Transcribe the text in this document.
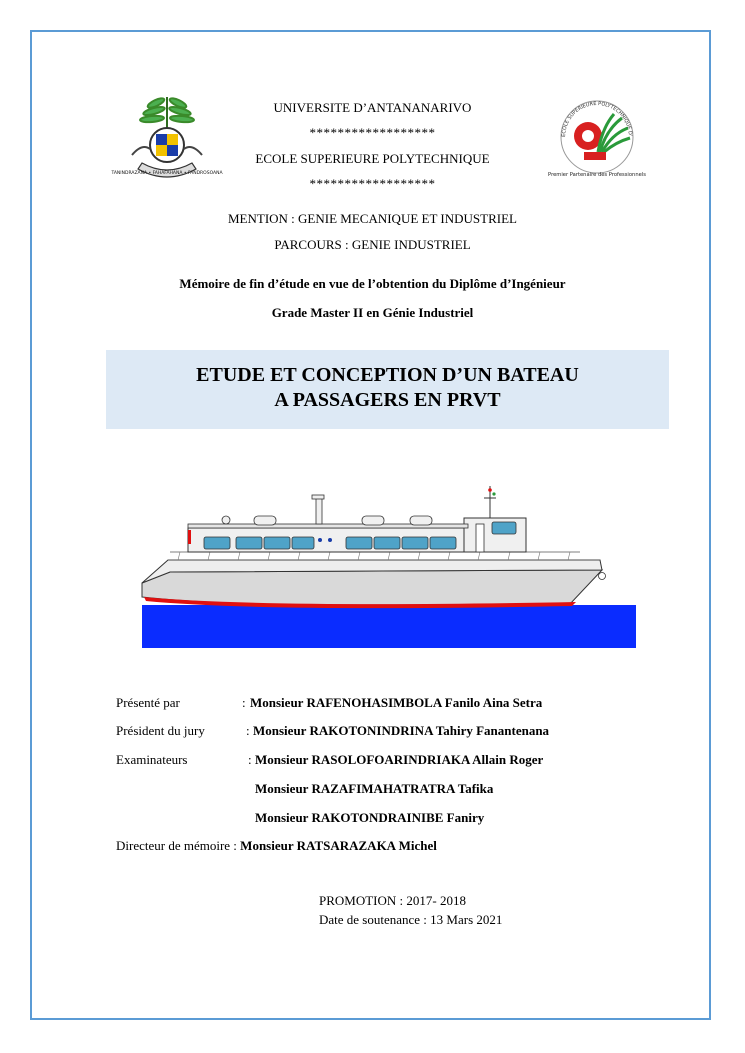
TANINDRAZANA • FAHAFAHANA • FANDROSOANA
ECOLE SUPERIEURE POLYTECHNIQUE D'
Premier Partenaire des Professionnels
UNIVERSITE D’ANTANANARIVO
******************
ECOLE SUPERIEURE POLYTECHNIQUE
******************
MENTION : GENIE MECANIQUE ET INDUSTRIEL
PARCOURS : GENIE INDUSTRIEL
Mémoire de fin d’étude en vue de l’obtention du Diplôme d’Ingénieur
Grade Master II en Génie Industriel
ETUDE ET CONCEPTION D’UN BATEAU
A PASSAGERS EN PRVT
Présenté par	: Monsieur RAFENOHASIMBOLA Fanilo Aina Setra
Président du jury	: Monsieur RAKOTONINDRINA Tahiry Fanantenana
Examinateurs	: Monsieur RASOLOFOARINDRIAKA Allain Roger
Monsieur RAZAFIMAHATRATRA Tafika
Monsieur RAKOTONDRAINIBE Faniry
Directeur de mémoire : Monsieur RATSARAZAKA Michel
PROMOTION : 2017- 2018
Date de soutenance : 13 Mars 2021
